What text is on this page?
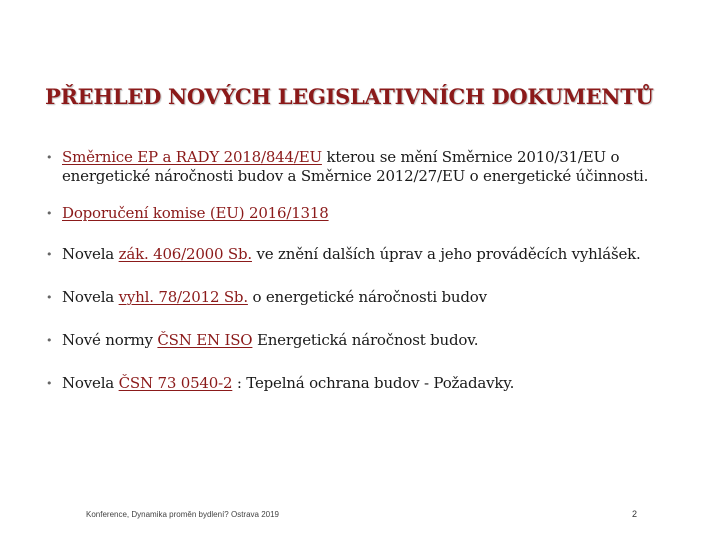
PŘEHLED NOVÝCH LEGISLATIVNÍCH DOKUMENTŮ
• Směrnice EP a RADY 2018/844/EU kterou se mění Směrnice 2010/31/EU o energetické náročnosti budov a Směrnice 2012/27/EU o energetické účinnosti.
• Doporučení komise (EU) 2016/1318
• Novela zák. 406/2000 Sb. ve znění dalších úprav a jeho prováděcích vyhlášek.
• Novela vyhl. 78/2012 Sb. o energetické náročnosti budov
• Nové normy ČSN EN ISO Energetická náročnost budov.
• Novela ČSN 73 0540-2 : Tepelná ochrana budov - Požadavky.
Konference, Dynamika proměn bydlení? Ostrava 2019	2
